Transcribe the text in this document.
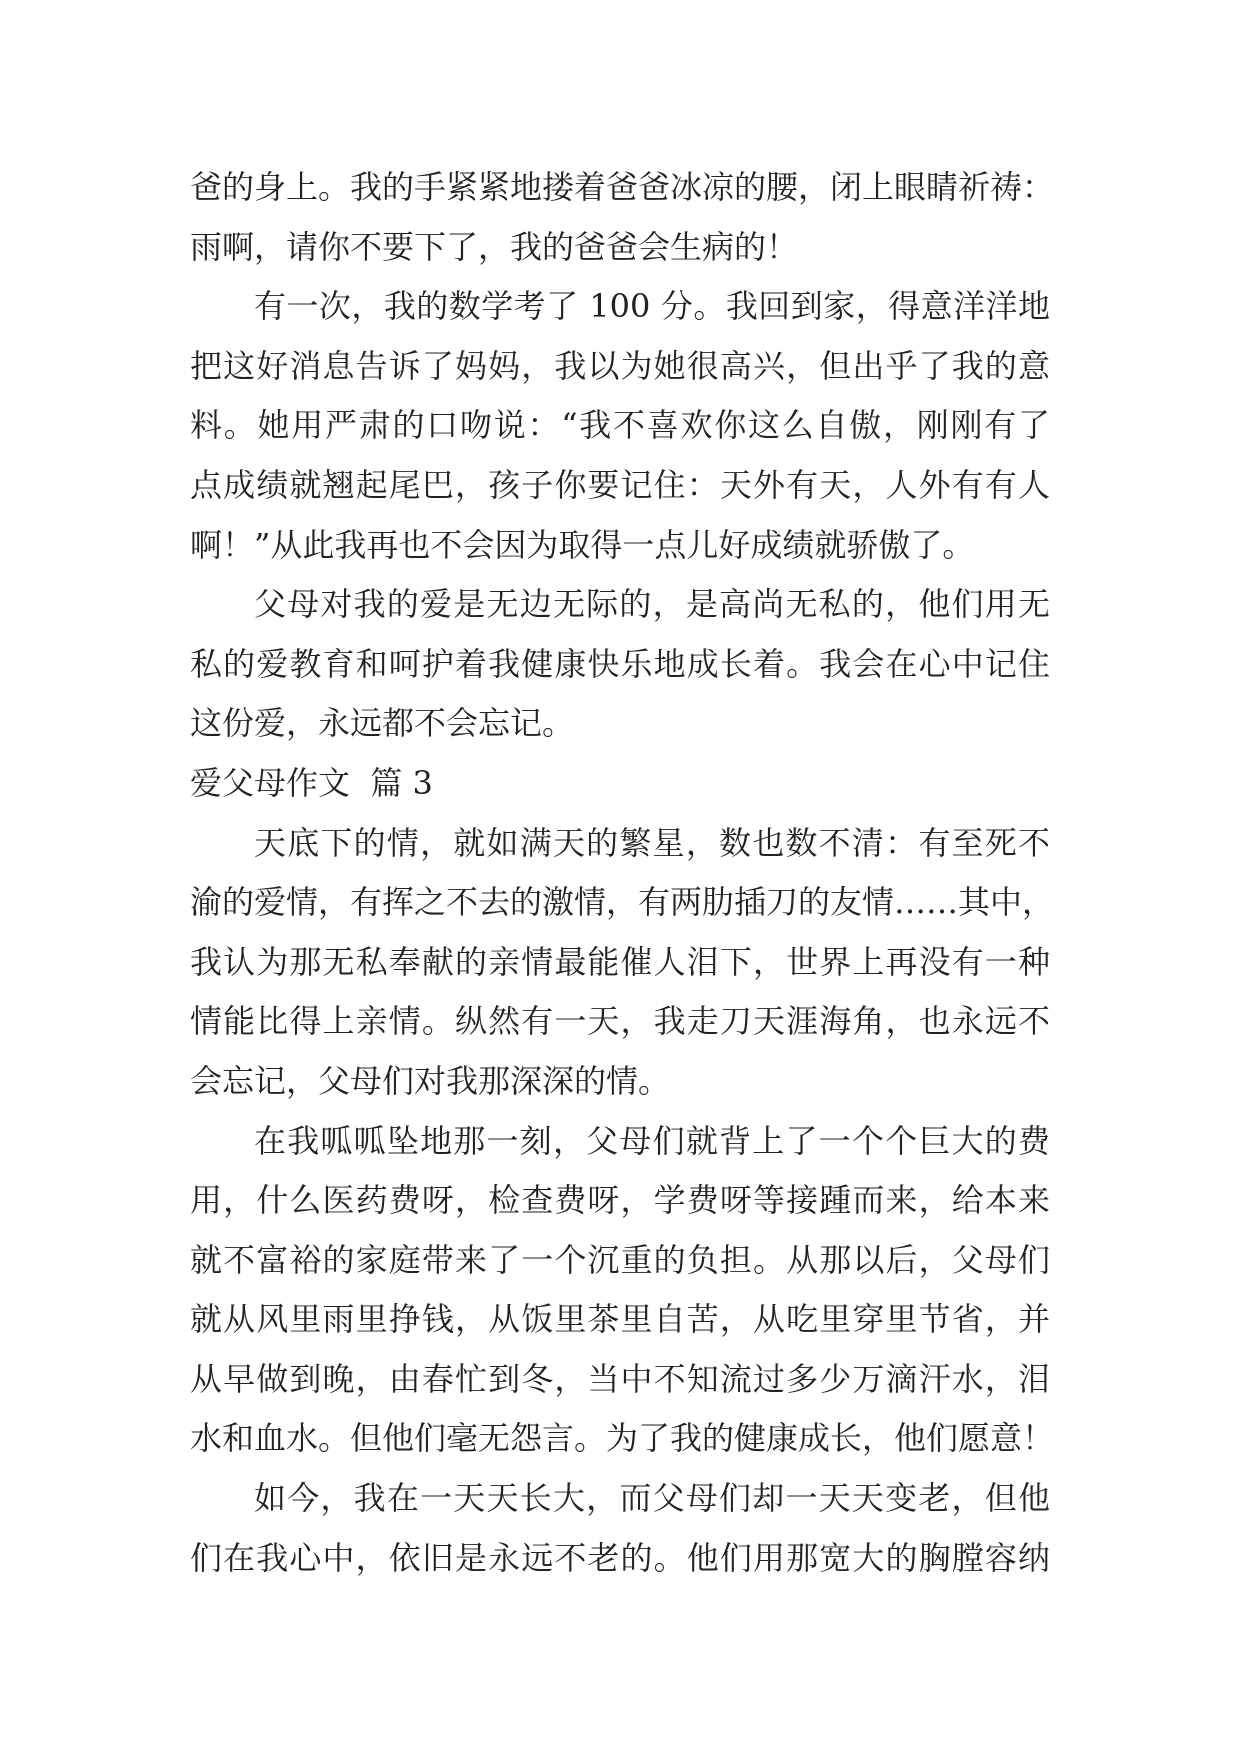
爸的身上。我的手紧紧地搂着爸爸冰凉的腰，闭上眼睛祈祷：
雨啊，请你不要下了，我的爸爸会生病的！
有一次，我的数学考了 100 分。我回到家，得意洋洋地
把这好消息告诉了妈妈，我以为她很高兴，但出乎了我的意
料。她用严肃的口吻说：“我不喜欢你这么自傲，刚刚有了
点成绩就翘起尾巴，孩子你要记住：天外有天，人外有有人
啊！”从此我再也不会因为取得一点儿好成绩就骄傲了。
父母对我的爱是无边无际的，是高尚无私的，他们用无
私的爱教育和呵护着我健康快乐地成长着。我会在心中记住
这份爱，永远都不会忘记。
爱父母作文  篇 3
天底下的情，就如满天的繁星，数也数不清：有至死不
渝的爱情，有挥之不去的激情，有两肋插刀的友情……其中，
我认为那无私奉献的亲情最能催人泪下，世界上再没有一种
情能比得上亲情。纵然有一天，我走刀天涯海角，也永远不
会忘记，父母们对我那深深的情。
在我呱呱坠地那一刻，父母们就背上了一个个巨大的费
用，什么医药费呀，检查费呀，学费呀等接踵而来，给本来
就不富裕的家庭带来了一个沉重的负担。从那以后，父母们
就从风里雨里挣钱，从饭里茶里自苦，从吃里穿里节省，并
从早做到晚，由春忙到冬，当中不知流过多少万滴汗水，泪
水和血水。但他们毫无怨言。为了我的健康成长，他们愿意！
如今，我在一天天长大，而父母们却一天天变老，但他
们在我心中，依旧是永远不老的。他们用那宽大的胸膛容纳
